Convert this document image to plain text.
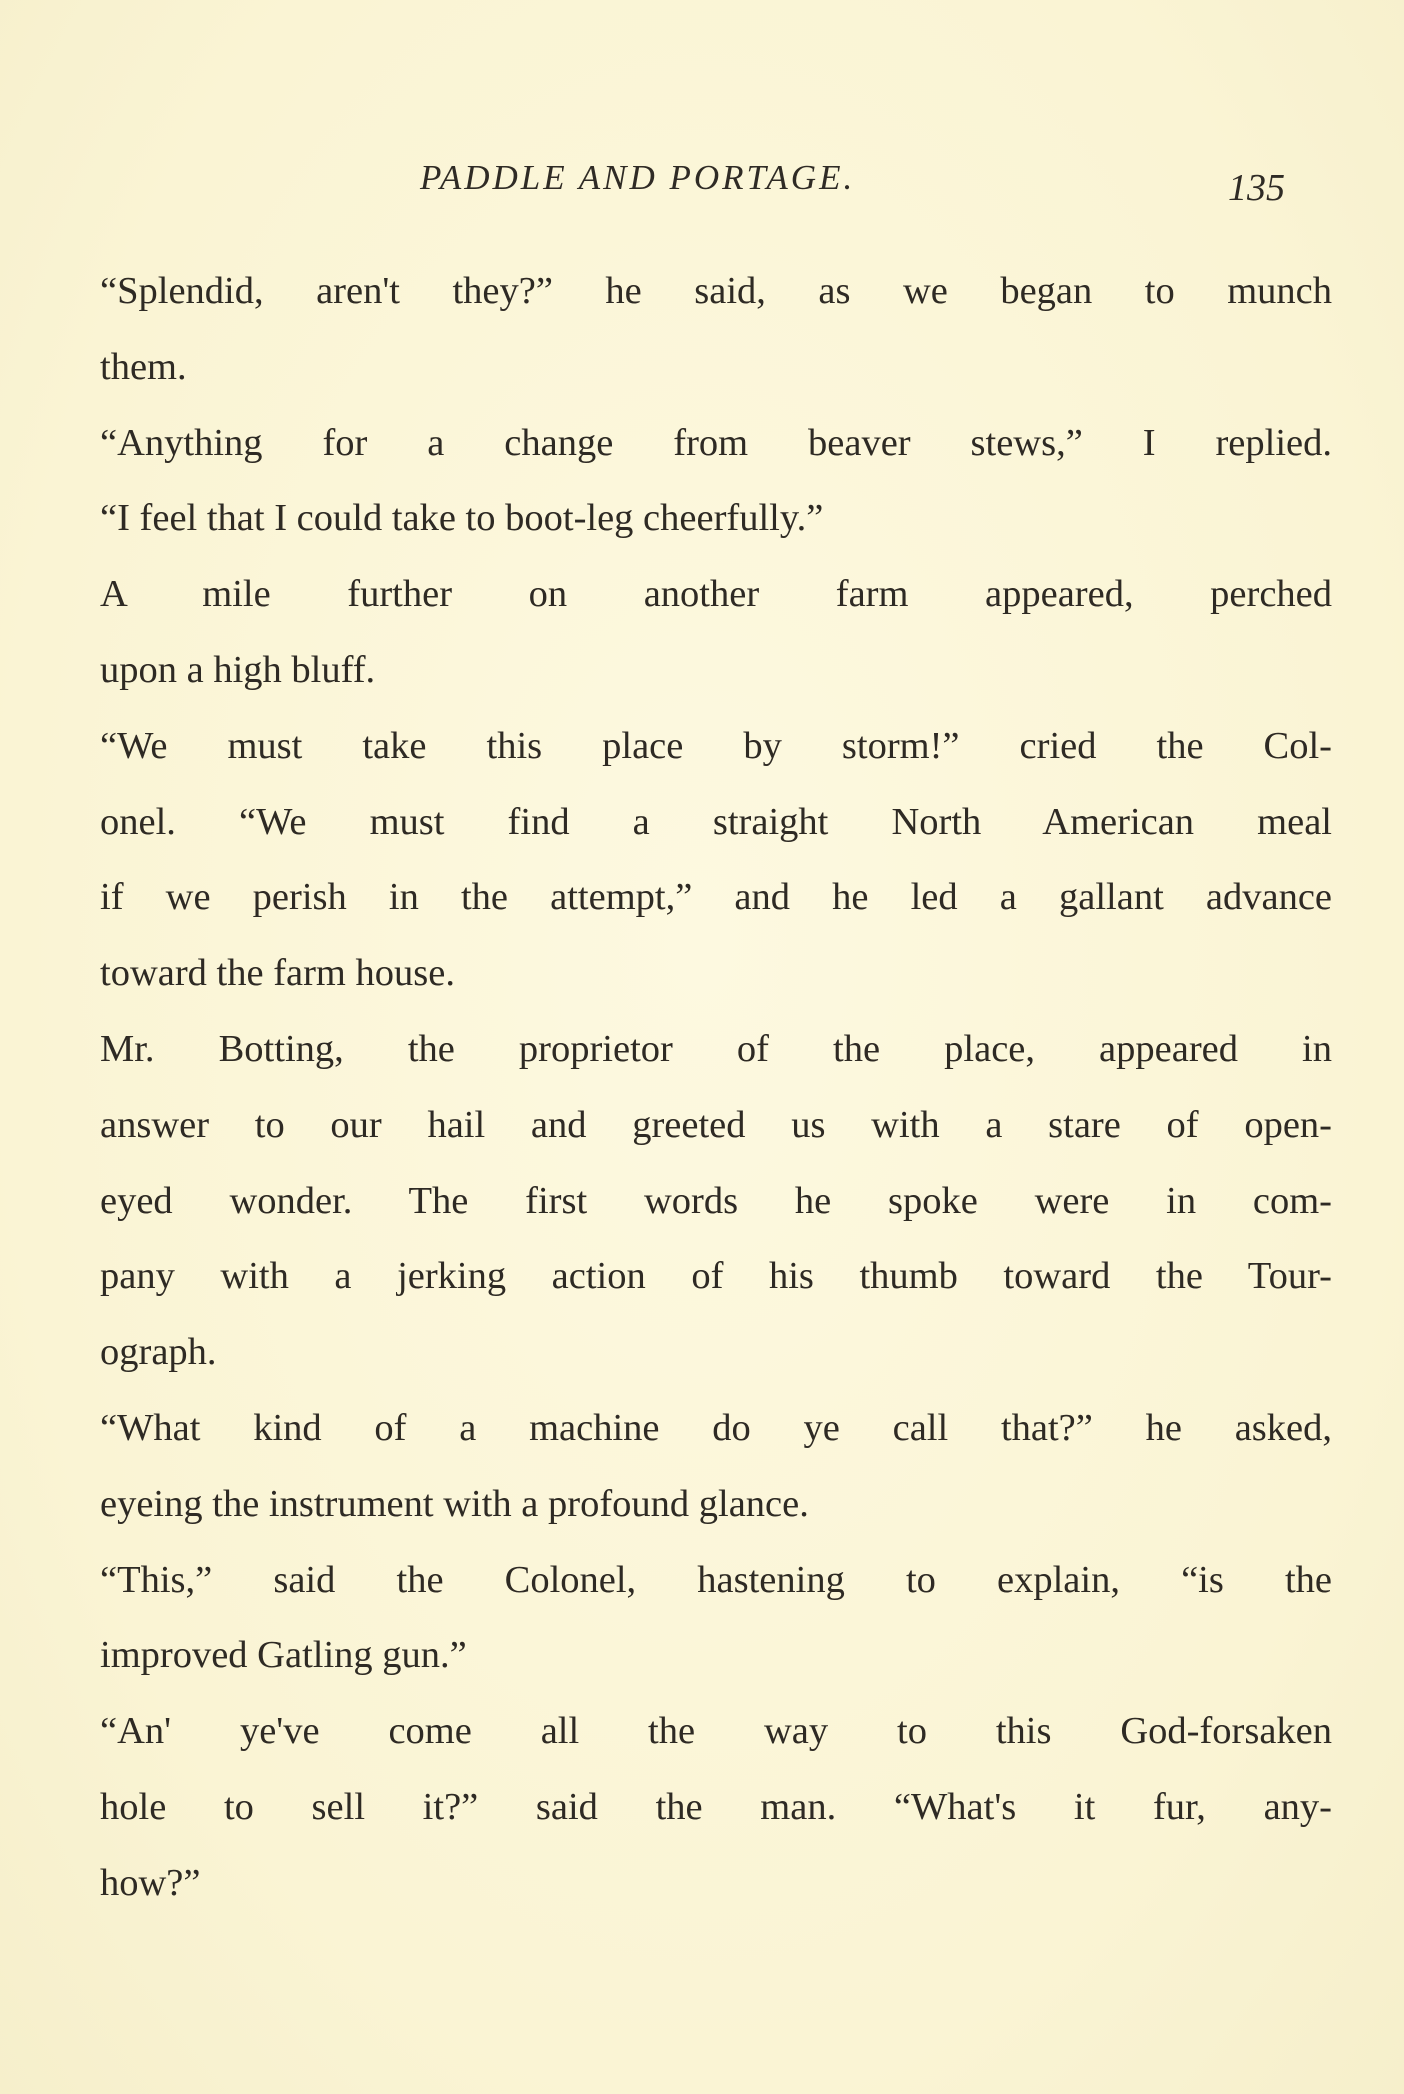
PADDLE AND PORTAGE.	135
“Splendid, aren't they?” he said, as we began to munch
them.
“Anything for a change from beaver stews,” I replied.
“I feel that I could take to boot-leg cheerfully.”
A mile further on another farm appeared, perched
upon a high bluff.
“We must take this place by storm!” cried the Col-
onel. “We must find a straight North American meal
if we perish in the attempt,” and he led a gallant advance
toward the farm house.
Mr. Botting, the proprietor of the place, appeared in
answer to our hail and greeted us with a stare of open-
eyed wonder. The first words he spoke were in com-
pany with a jerking action of his thumb toward the Tour-
ograph.
“What kind of a machine do ye call that?” he asked,
eyeing the instrument with a profound glance.
“This,” said the Colonel, hastening to explain, “is the
improved Gatling gun.”
“An' ye've come all the way to this God-forsaken
hole to sell it?” said the man. “What's it fur, any-
how?”
